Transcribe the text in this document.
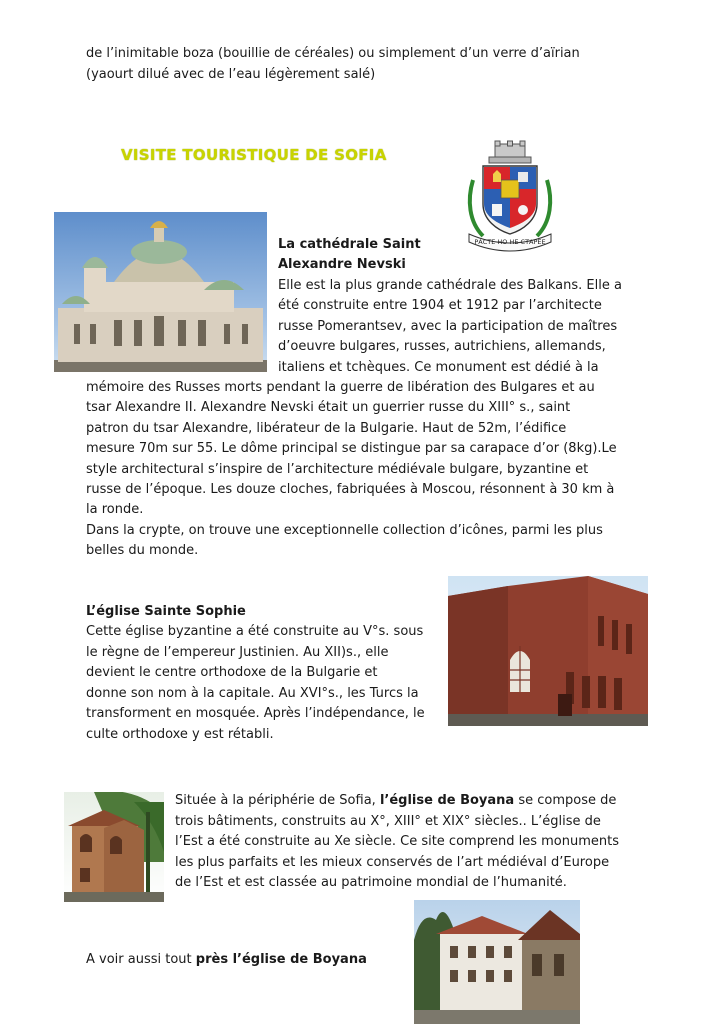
de l’inimitable boza (bouillie de céréales) ou simplement d’un verre d’aïrian

(yaourt dilué avec de l’eau légèrement salé)

VISITE TOURISTIQUE DE SOFIA

РАСТЕ НО НЕ СТАРЕЕ

La cathédrale Saint

Alexandre Nevski

Elle est la plus grande cathédrale des Balkans. Elle a

été construite entre 1904 et 1912 par l’architecte

russe Pomerantsev, avec la participation de maîtres

d’oeuvre bulgares, russes, autrichiens, allemands,

italiens et tchèques. Ce monument est dédié à la

mémoire des Russes morts pendant la guerre de libération des Bulgares et au

tsar Alexandre II. Alexandre Nevski était un guerrier russe du XIII° s., saint

patron du tsar Alexandre, libérateur de la Bulgarie. Haut de 52m, l’édifice

mesure 70m sur 55. Le dôme principal se distingue par sa carapace d’or (8kg).Le

style architectural s’inspire de l’architecture médiévale bulgare, byzantine et

russe de l’époque. Les douze cloches, fabriquées à Moscou, résonnent à 30 km à

la ronde.

Dans la crypte, on trouve une exceptionnelle collection d’icônes, parmi les plus

belles du monde.

L’église Sainte Sophie

Cette église byzantine a été construite au V°s. sous

le règne de l’empereur Justinien. Au XII)s., elle

devient le centre orthodoxe de la Bulgarie et

donne son nom à la capitale. Au XVI°s., les Turcs la

transforment en mosquée. Après l’indépendance, le

culte orthodoxe y est rétabli.

Située à la périphérie de Sofia, l’église de Boyana se compose de

trois bâtiments, construits au X°, XIII° et XIX° siècles.. L’église de

l’Est a été construite au Xe siècle. Ce site comprend les monuments

les plus parfaits et les mieux conservés de l’art médiéval d’Europe

de l’Est et est classée au patrimoine mondial de l’humanité.

A voir aussi tout près l’église de Boyana
